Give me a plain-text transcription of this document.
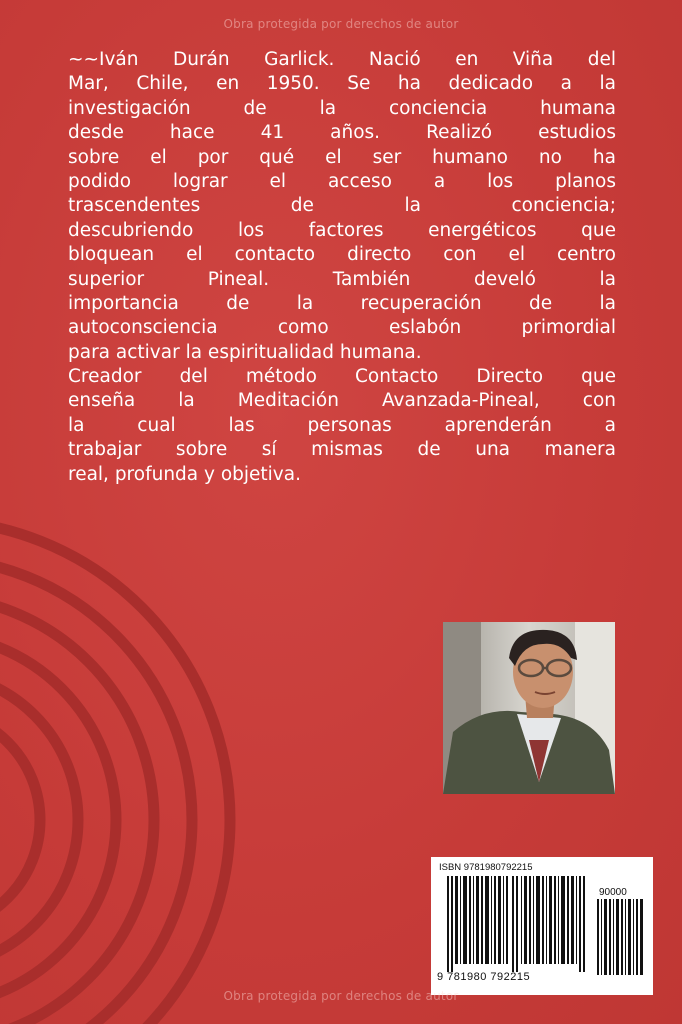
Obra protegida por derechos de autor
~~Iván Durán Garlick. Nació en Viña del
Mar, Chile, en 1950. Se ha dedicado a la
investigación de la conciencia humana
desde hace 41 años. Realizó estudios
sobre el por qué el ser humano no ha
podido lograr el acceso a los planos
trascendentes de la conciencia;
descubriendo los factores energéticos que
bloquean el contacto directo con el centro
superior Pineal. También develó la
importancia de la recuperación de la
autoconsciencia como eslabón primordial
para activar la espiritualidad humana.
Creador del método Contacto Directo que
enseña la Meditación Avanzada-Pineal, con
la cual las personas aprenderán a
trabajar sobre sí mismas de una manera
real, profunda y objetiva.
ISBN 9781980792215
90000
9 781980 792215
Obra protegida por derechos de autor
